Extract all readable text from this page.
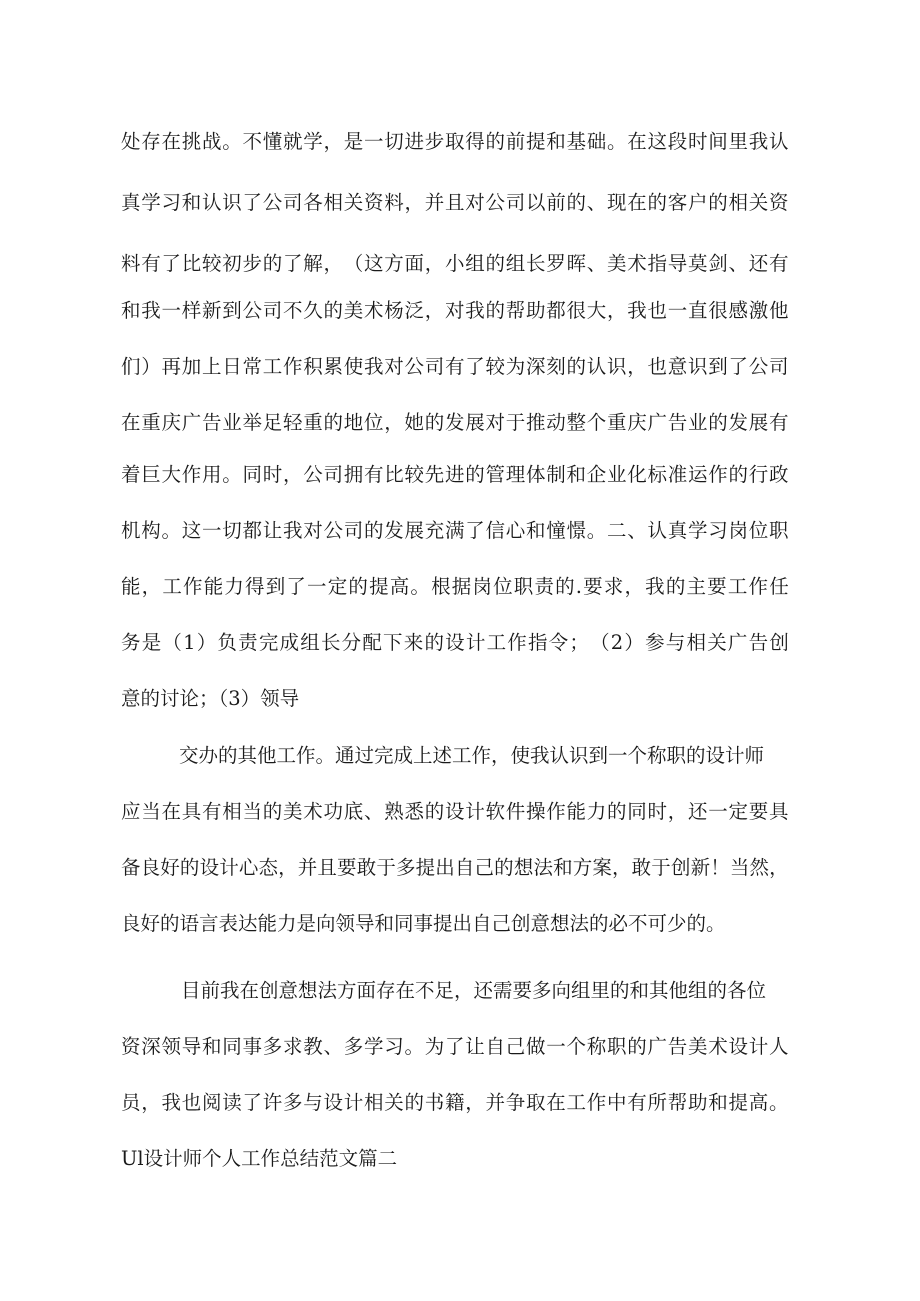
处 存 在 挑 战 。 不 懂 就 学 ， 是 一 切 进 步 取 得 的 前 提 和 基 础 。 在 这 段 时 间 里 我 认
真 学 习 和 认 识 了 公 司 各 相 关 资 料 ， 并 且 对 公 司 以 前 的 、 现 在 的 客 户 的 相 关 资
料 有 了 比 较 初 步 的 了 解 ， （ 这 方 面 ， 小 组 的 组 长 罗 晖 、 美 术 指 导 莫 剑 、 还 有
和 我 一 样 新 到 公 司 不 久 的 美 术 杨 泛 ， 对 我 的 帮 助 都 很 大 ， 我 也 一 直 很 感 激 他
们 ） 再 加 上 日 常 工 作 积 累 使 我 对 公 司 有 了 较 为 深 刻 的 认 识 ， 也 意 识 到 了 公 司
在 重 庆 广 告 业 举 足 轻 重 的 地 位 ， 她 的 发 展 对 于 推 动 整 个 重 庆 广 告 业 的 发 展 有
着 巨 大 作 用 。 同 时 ， 公 司 拥 有 比 较 先 进 的 管 理 体 制 和 企 业 化 标 准 运 作 的 行 政
机 构 。 这 一 切 都 让 我 对 公 司 的 发 展 充 满 了 信 心 和 憧 憬 。 二 、 认 真 学 习 岗 位 职
能 ， 工 作 能 力 得 到 了 一 定 的 提 高 。 根 据 岗 位 职 责 的 . 要 求 ， 我 的 主 要 工 作 任
务 是 （ 1 ） 负 责 完 成 组 长 分 配 下 来 的 设 计 工 作 指 令 ； （ 2 ） 参 与 相 关 广 告 创
意的讨论；（3）领导
交办的其他工作。通过完成上述工作，使我认识到一个称职的设计师
应 当 在 具 有 相 当 的 美 术 功 底 、 熟 悉 的 设 计 软 件 操 作 能 力 的 同 时 ， 还 一 定 要 具
备 良 好 的 设 计 心 态 ， 并 且 要 敢 于 多 提 出 自 己 的 想 法 和 方 案 ， 敢 于 创 新 ！ 当 然 ，
良好的语言表达能力是向领导和同事提出自己创意想法的必不可少的。
目前我在创意想法方面存在不足，还需要多向组里的和其他组的各位
资 深 领 导 和 同 事 多 求 教 、 多 学 习 。 为 了 让 自 己 做 一 个 称 职 的 广 告 美 术 设 计 人
员 ， 我 也 阅 读 了 许 多 与 设 计 相 关 的 书 籍 ， 并 争 取 在 工 作 中 有 所 帮 助 和 提 高 。
Ul设计师个人工作总结范文篇二
